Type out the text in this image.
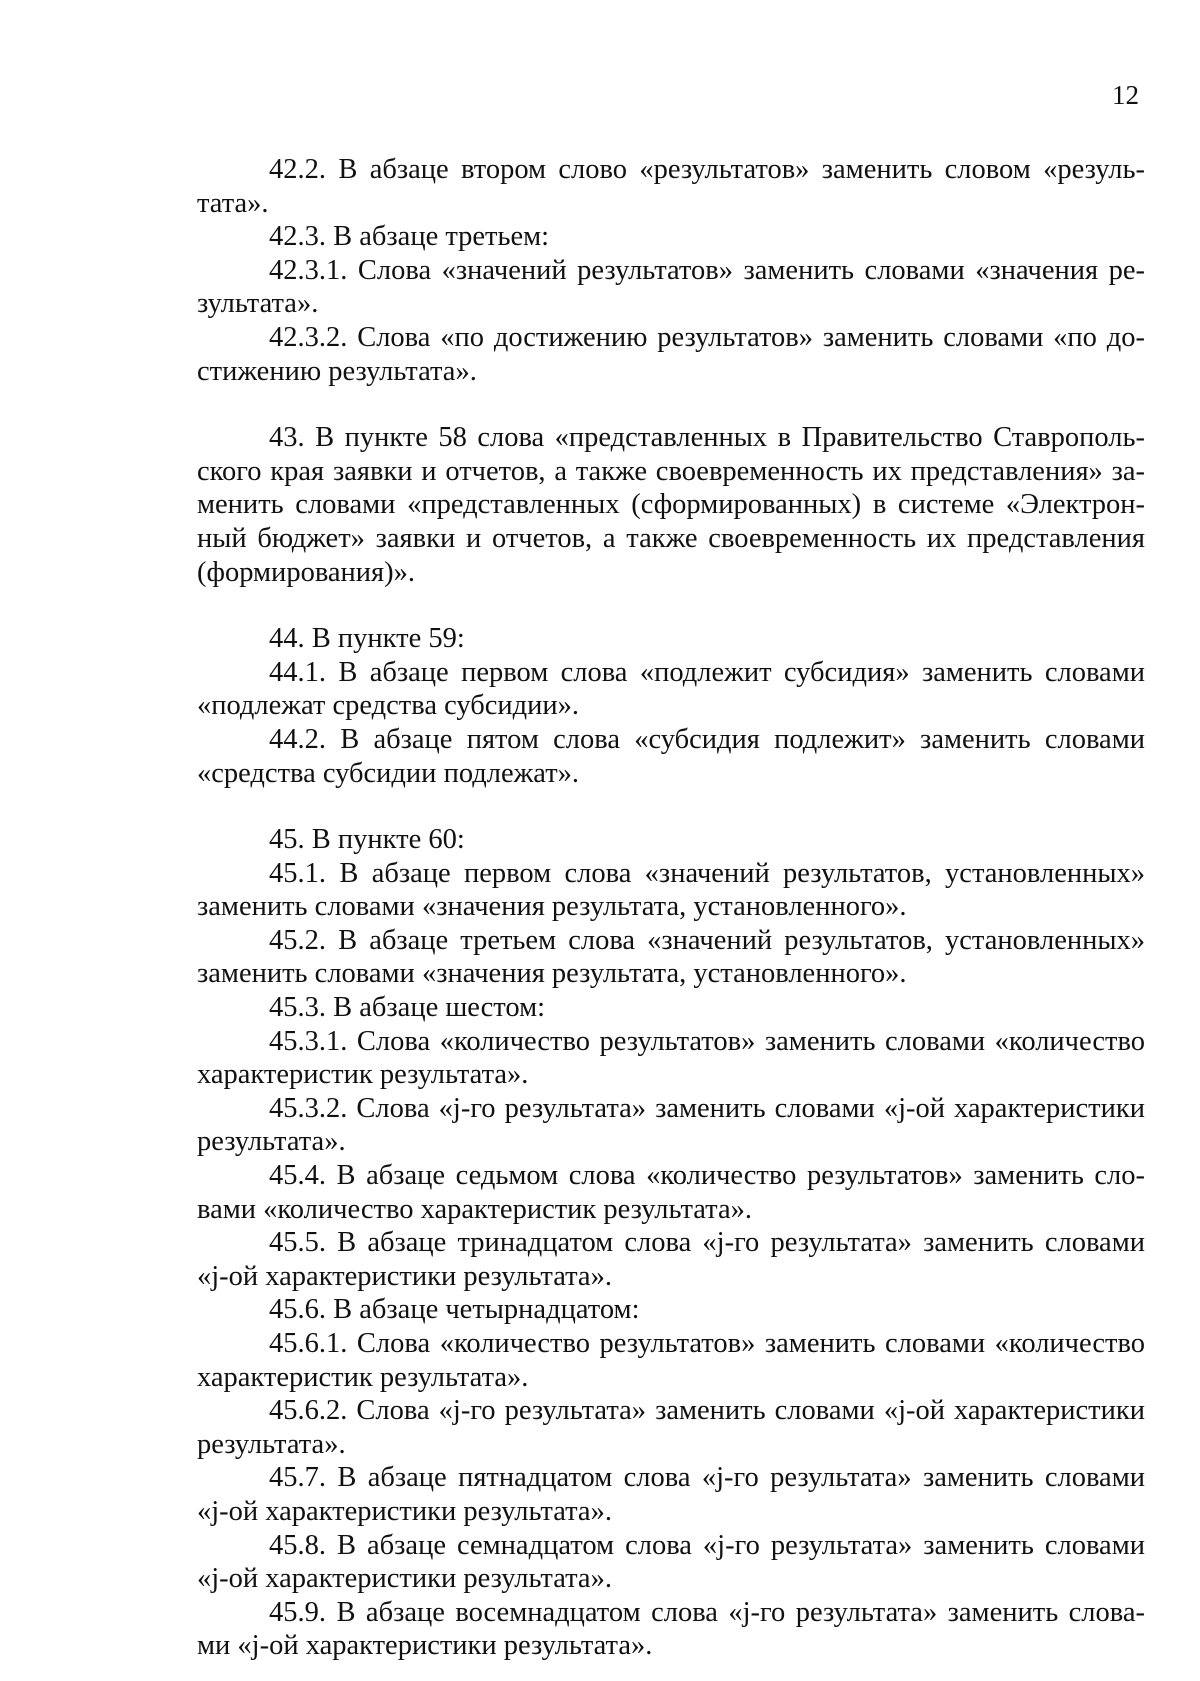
12

42.2. В абзаце втором слово «результатов» заменить словом «резуль-
тата».

42.3. В абзаце третьем:

42.3.1. Слова «значений результатов» заменить словами «значения ре-
зультата».

42.3.2. Слова «по достижению результатов» заменить словами «по до-
стижению результата».

43. В пункте 58 слова «представленных в Правительство Ставрополь-
ского края заявки и отчетов, а также своевременность их представления» за-
менить словами «представленных (сформированных) в системе «Электрон-
ный бюджет» заявки и отчетов, а также своевременность их представления
(формирования)».

44. В пункте 59:

44.1. В абзаце первом слова «подлежит субсидия» заменить словами
«подлежат средства субсидии».

44.2. В абзаце пятом слова «субсидия подлежит» заменить словами
«средства субсидии подлежат».

45. В пункте 60:

45.1. В абзаце первом слова «значений результатов, установленных»
заменить словами «значения результата, установленного».

45.2. В абзаце третьем слова «значений результатов, установленных»
заменить словами «значения результата, установленного».

45.3. В абзаце шестом:

45.3.1. Слова «количество результатов» заменить словами «количество
характеристик результата».

45.3.2. Слова «j-го результата» заменить словами «j-ой характеристики
результата».

45.4. В абзаце седьмом слова «количество результатов» заменить сло-
вами «количество характеристик результата».

45.5. В абзаце тринадцатом слова «j-го результата» заменить словами
«j-ой характеристики результата».

45.6. В абзаце четырнадцатом:

45.6.1. Слова «количество результатов» заменить словами «количество
характеристик результата».

45.6.2. Слова «j-го результата» заменить словами «j-ой характеристики
результата».

45.7. В абзаце пятнадцатом слова «j-го результата» заменить словами
«j-ой характеристики результата».

45.8. В абзаце семнадцатом слова «j-го результата» заменить словами
«j-ой характеристики результата».

45.9. В абзаце восемнадцатом слова «j-го результата» заменить слова-
ми «j-ой характеристики результата».
